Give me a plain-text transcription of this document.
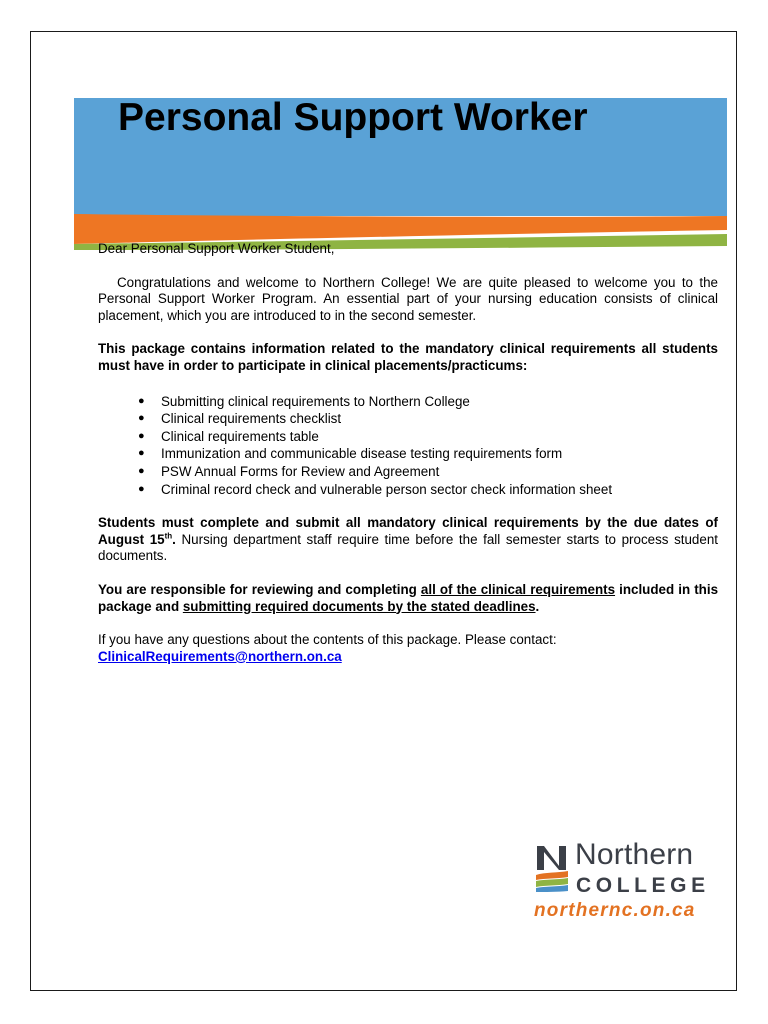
Personal Support Worker

Dear Personal Support Worker Student,

Congratulations and welcome to Northern College! We are quite pleased to welcome you to the Personal Support Worker Program. An essential part of your nursing education consists of clinical placement, which you are introduced to in the second semester.

This package contains information related to the mandatory clinical requirements all students must have in order to participate in clinical placements/practicums:

● Submitting clinical requirements to Northern College
● Clinical requirements checklist
● Clinical requirements table
● Immunization and communicable disease testing requirements form
● PSW Annual Forms for Review and Agreement
● Criminal record check and vulnerable person sector check information sheet

Students must complete and submit all mandatory clinical requirements by the due dates of August 15th. Nursing department staff require time before the fall semester starts to process student documents.

You are responsible for reviewing and completing all of the clinical requirements included in this package and submitting required documents by the stated deadlines.

If you have any questions about the contents of this package. Please contact:

ClinicalRequirements@northern.on.ca

Northern
COLLEGE
northernc.on.ca
